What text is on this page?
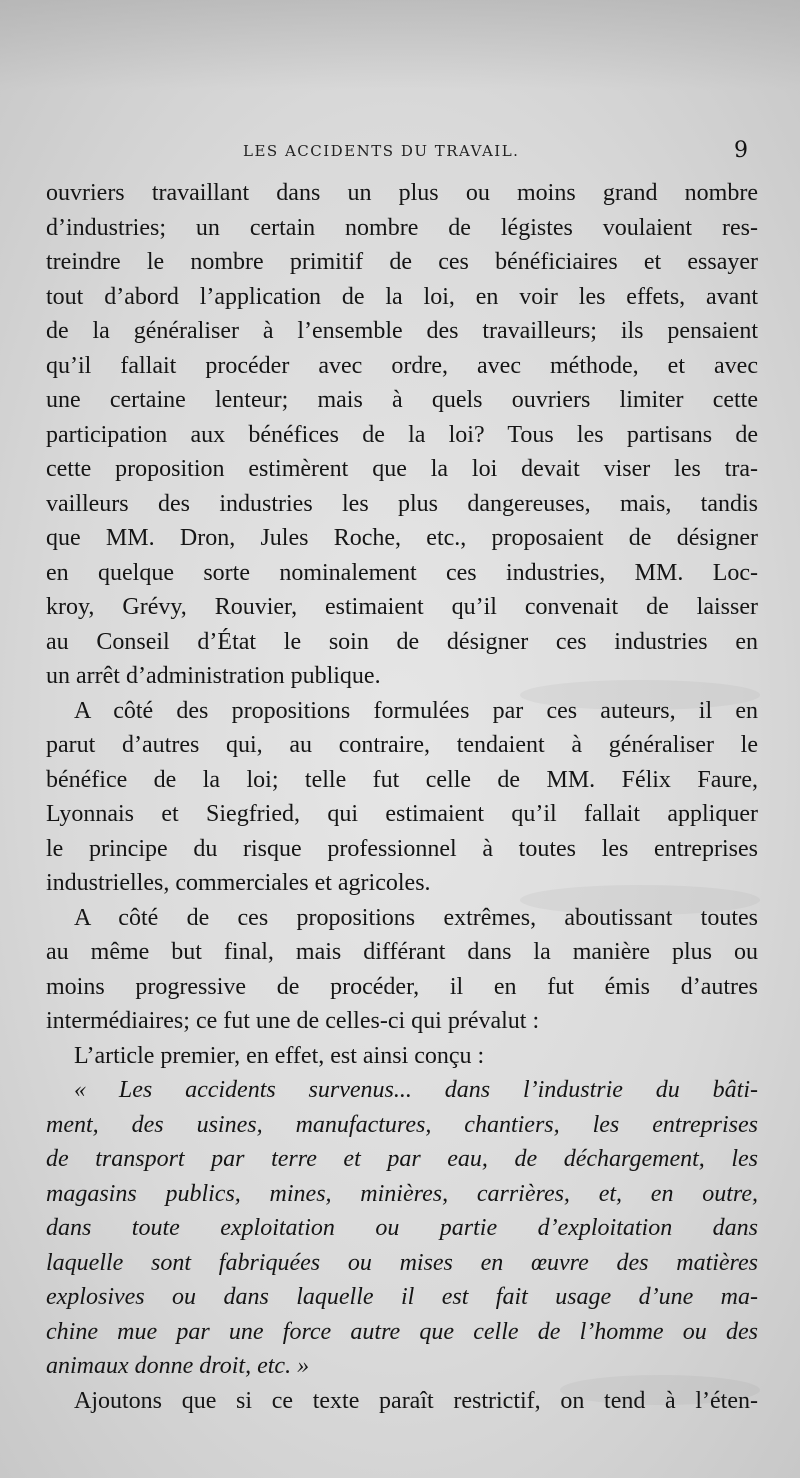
LES ACCIDENTS DU TRAVAIL.	9
ouvriers travaillant dans un plus ou moins grand nombre
d’industries; un certain nombre de légistes voulaient res-
treindre le nombre primitif de ces bénéficiaires et essayer
tout d’abord l’application de la loi, en voir les effets, avant
de la généraliser à l’ensemble des travailleurs; ils pensaient
qu’il fallait procéder avec ordre, avec méthode, et avec
une certaine lenteur; mais à quels ouvriers limiter cette
participation aux bénéfices de la loi? Tous les partisans de
cette proposition estimèrent que la loi devait viser les tra-
vailleurs des industries les plus dangereuses, mais, tandis
que MM. Dron, Jules Roche, etc., proposaient de désigner
en quelque sorte nominalement ces industries, MM. Loc-
kroy, Grévy, Rouvier, estimaient qu’il convenait de laisser
au Conseil d’État le soin de désigner ces industries en
un arrêt d’administration publique.
A côté des propositions formulées par ces auteurs, il en
parut d’autres qui, au contraire, tendaient à généraliser le
bénéfice de la loi; telle fut celle de MM. Félix Faure,
Lyonnais et Siegfried, qui estimaient qu’il fallait appliquer
le principe du risque professionnel à toutes les entreprises
industrielles, commerciales et agricoles.
A côté de ces propositions extrêmes, aboutissant toutes
au même but final, mais différant dans la manière plus ou
moins progressive de procéder, il en fut émis d’autres
intermédiaires; ce fut une de celles-ci qui prévalut :
L’article premier, en effet, est ainsi conçu :
« Les accidents survenus... dans l’industrie du bâti-
ment, des usines, manufactures, chantiers, les entreprises
de transport par terre et par eau, de déchargement, les
magasins publics, mines, minières, carrières, et, en outre,
dans toute exploitation ou partie d’exploitation dans
laquelle sont fabriquées ou mises en œuvre des matières
explosives ou dans laquelle il est fait usage d’une ma-
chine mue par une force autre que celle de l’homme ou des
animaux donne droit, etc. »
Ajoutons que si ce texte paraît restrictif, on tend à l’éten-
